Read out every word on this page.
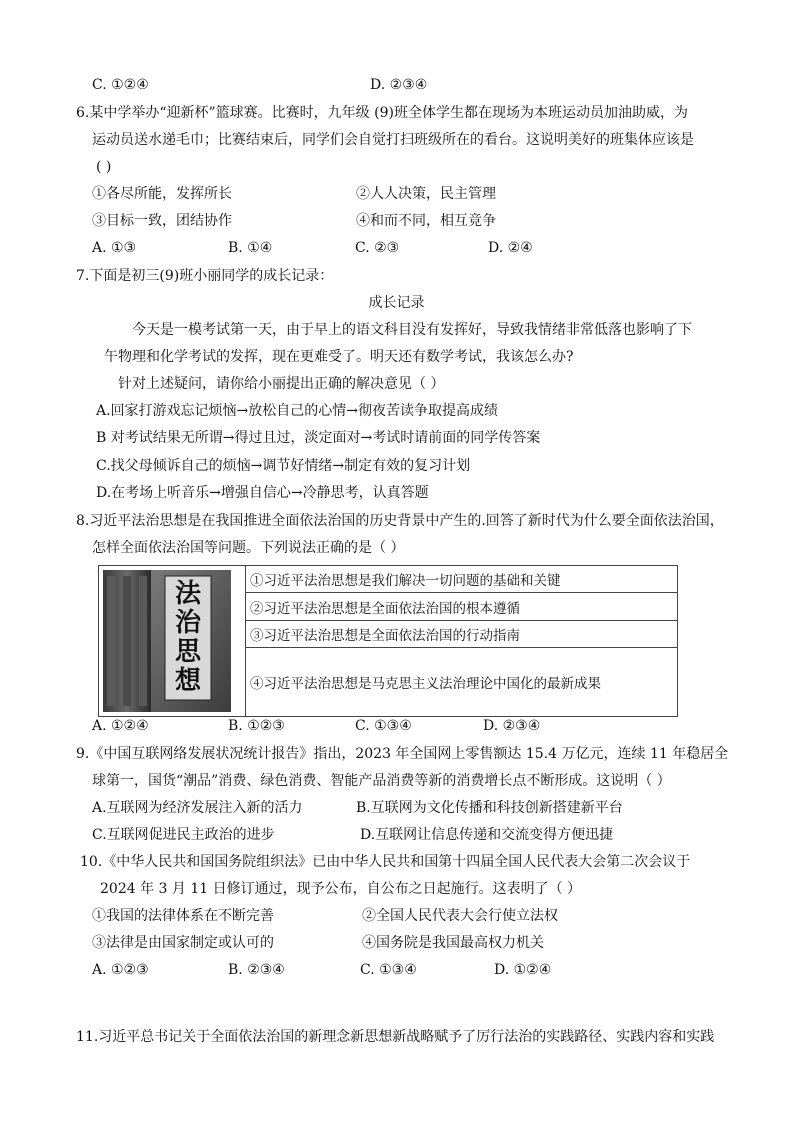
C. ①②④	D. ②③④
6.某中学举办“迎新杯”篮球赛。比赛时，九年级 (9)班全体学生都在现场为本班运动员加油助威，为
运动员送水递毛巾；比赛结束后，同学们会自觉打扫班级所在的看台。这说明美好的班集体应该是
( )
①各尽所能，发挥所长	②人人决策，民主管理
③目标一致，团结协作	④和而不同，相互竞争
A. ①③	B. ①④	C. ②③	D. ②④
7.下面是初三(9)班小丽同学的成长记录：
成长记录
今天是一模考试第一天，由于早上的语文科目没有发挥好，导致我情绪非常低落也影响了下
午物理和化学考试的发挥，现在更难受了。明天还有数学考试，我该怎么办?
针对上述疑问，请你给小丽提出正确的解决意见（ ）
A.回家打游戏忘记烦恼→放松自己的心情→彻夜苦读争取提高成绩
B 对考试结果无所谓→得过且过，淡定面对→考试时请前面的同学传答案
C.找父母倾诉自己的烦恼→调节好情绪→制定有效的复习计划
D.在考场上听音乐→增强自信心→冷静思考，认真答题
8.习近平法治思想是在我国推进全面依法治国的历史背景中产生的.回答了新时代为什么要全面依法治国，
怎样全面依法治国等问题。下列说法正确的是（ ）
法
治
思
想
	①习近平法治思想是我们解决一切问题的基础和关键
②习近平法治思想是全面依法治国的根本遵循
③习近平法治思想是全面依法治国的行动指南
④习近平法治思想是马克思主义法治理论中国化的最新成果
A. ①②④	B. ①②③	C. ①③④	D. ②③④
9.《中国互联网络发展状况统计报告》指出，2023 年全国网上零售额达 15.4 万亿元，连续 11 年稳居全
球第一，国货“潮品”消费、绿色消费、智能产品消费等新的消费增长点不断形成。这说明（ ）
A.互联网为经济发展注入新的活力	B.互联网为文化传播和科技创新搭建新平台
C.互联网促进民主政治的进步	D.互联网让信息传递和交流变得方便迅捷
10.《中华人民共和国国务院组织法》已由中华人民共和国第十四届全国人民代表大会第二次会议于
2024 年 3 月 11 日修订通过，现予公布，自公布之日起施行。这表明了（ ）
①我国的法律体系在不断完善	②全国人民代表大会行使立法权
③法律是由国家制定或认可的	④国务院是我国最高权力机关
A. ①②③	B. ②③④	C. ①③④	D. ①②④
11.习近平总书记关于全面依法治国的新理念新思想新战略赋予了厉行法治的实践路径、实践内容和实践
